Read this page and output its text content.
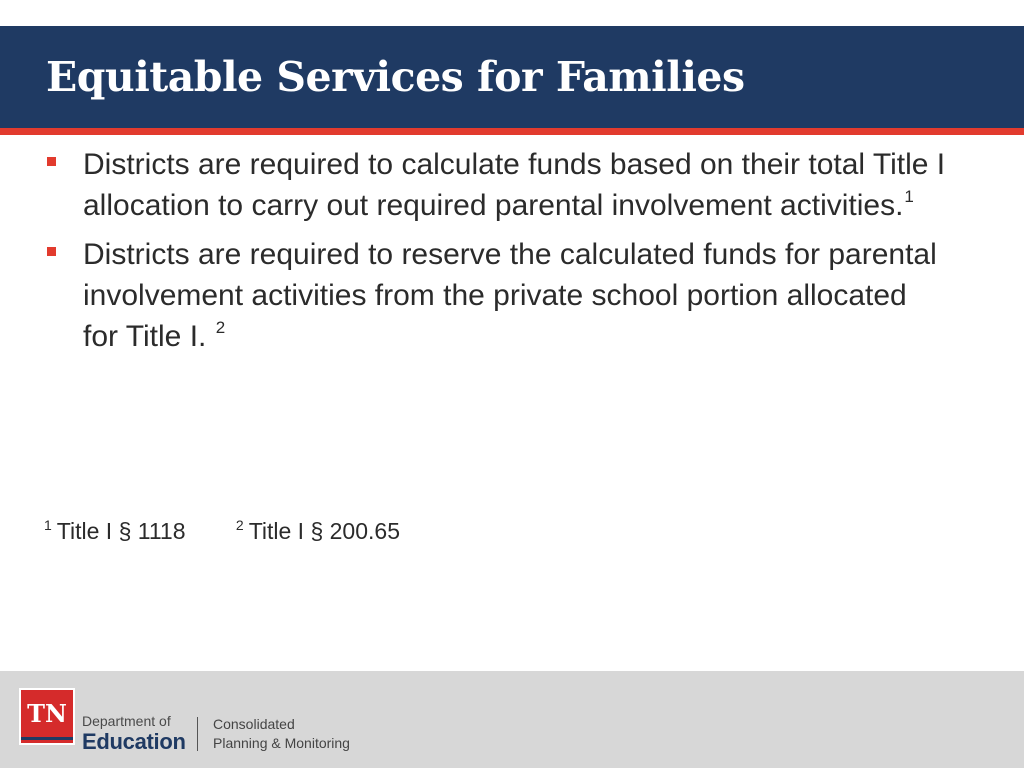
Equitable Services for Families
Districts are required to calculate funds based on their total Title I allocation to carry out required parental involvement activities.$^1$
Districts are required to reserve the calculated funds for parental involvement activities from the private school portion allocated for Title I. $^2$
$^1$ Title I § 1118	$^2$ Title I § 200.65
TN	Department of
Education
Consolidated
Planning & Monitoring
